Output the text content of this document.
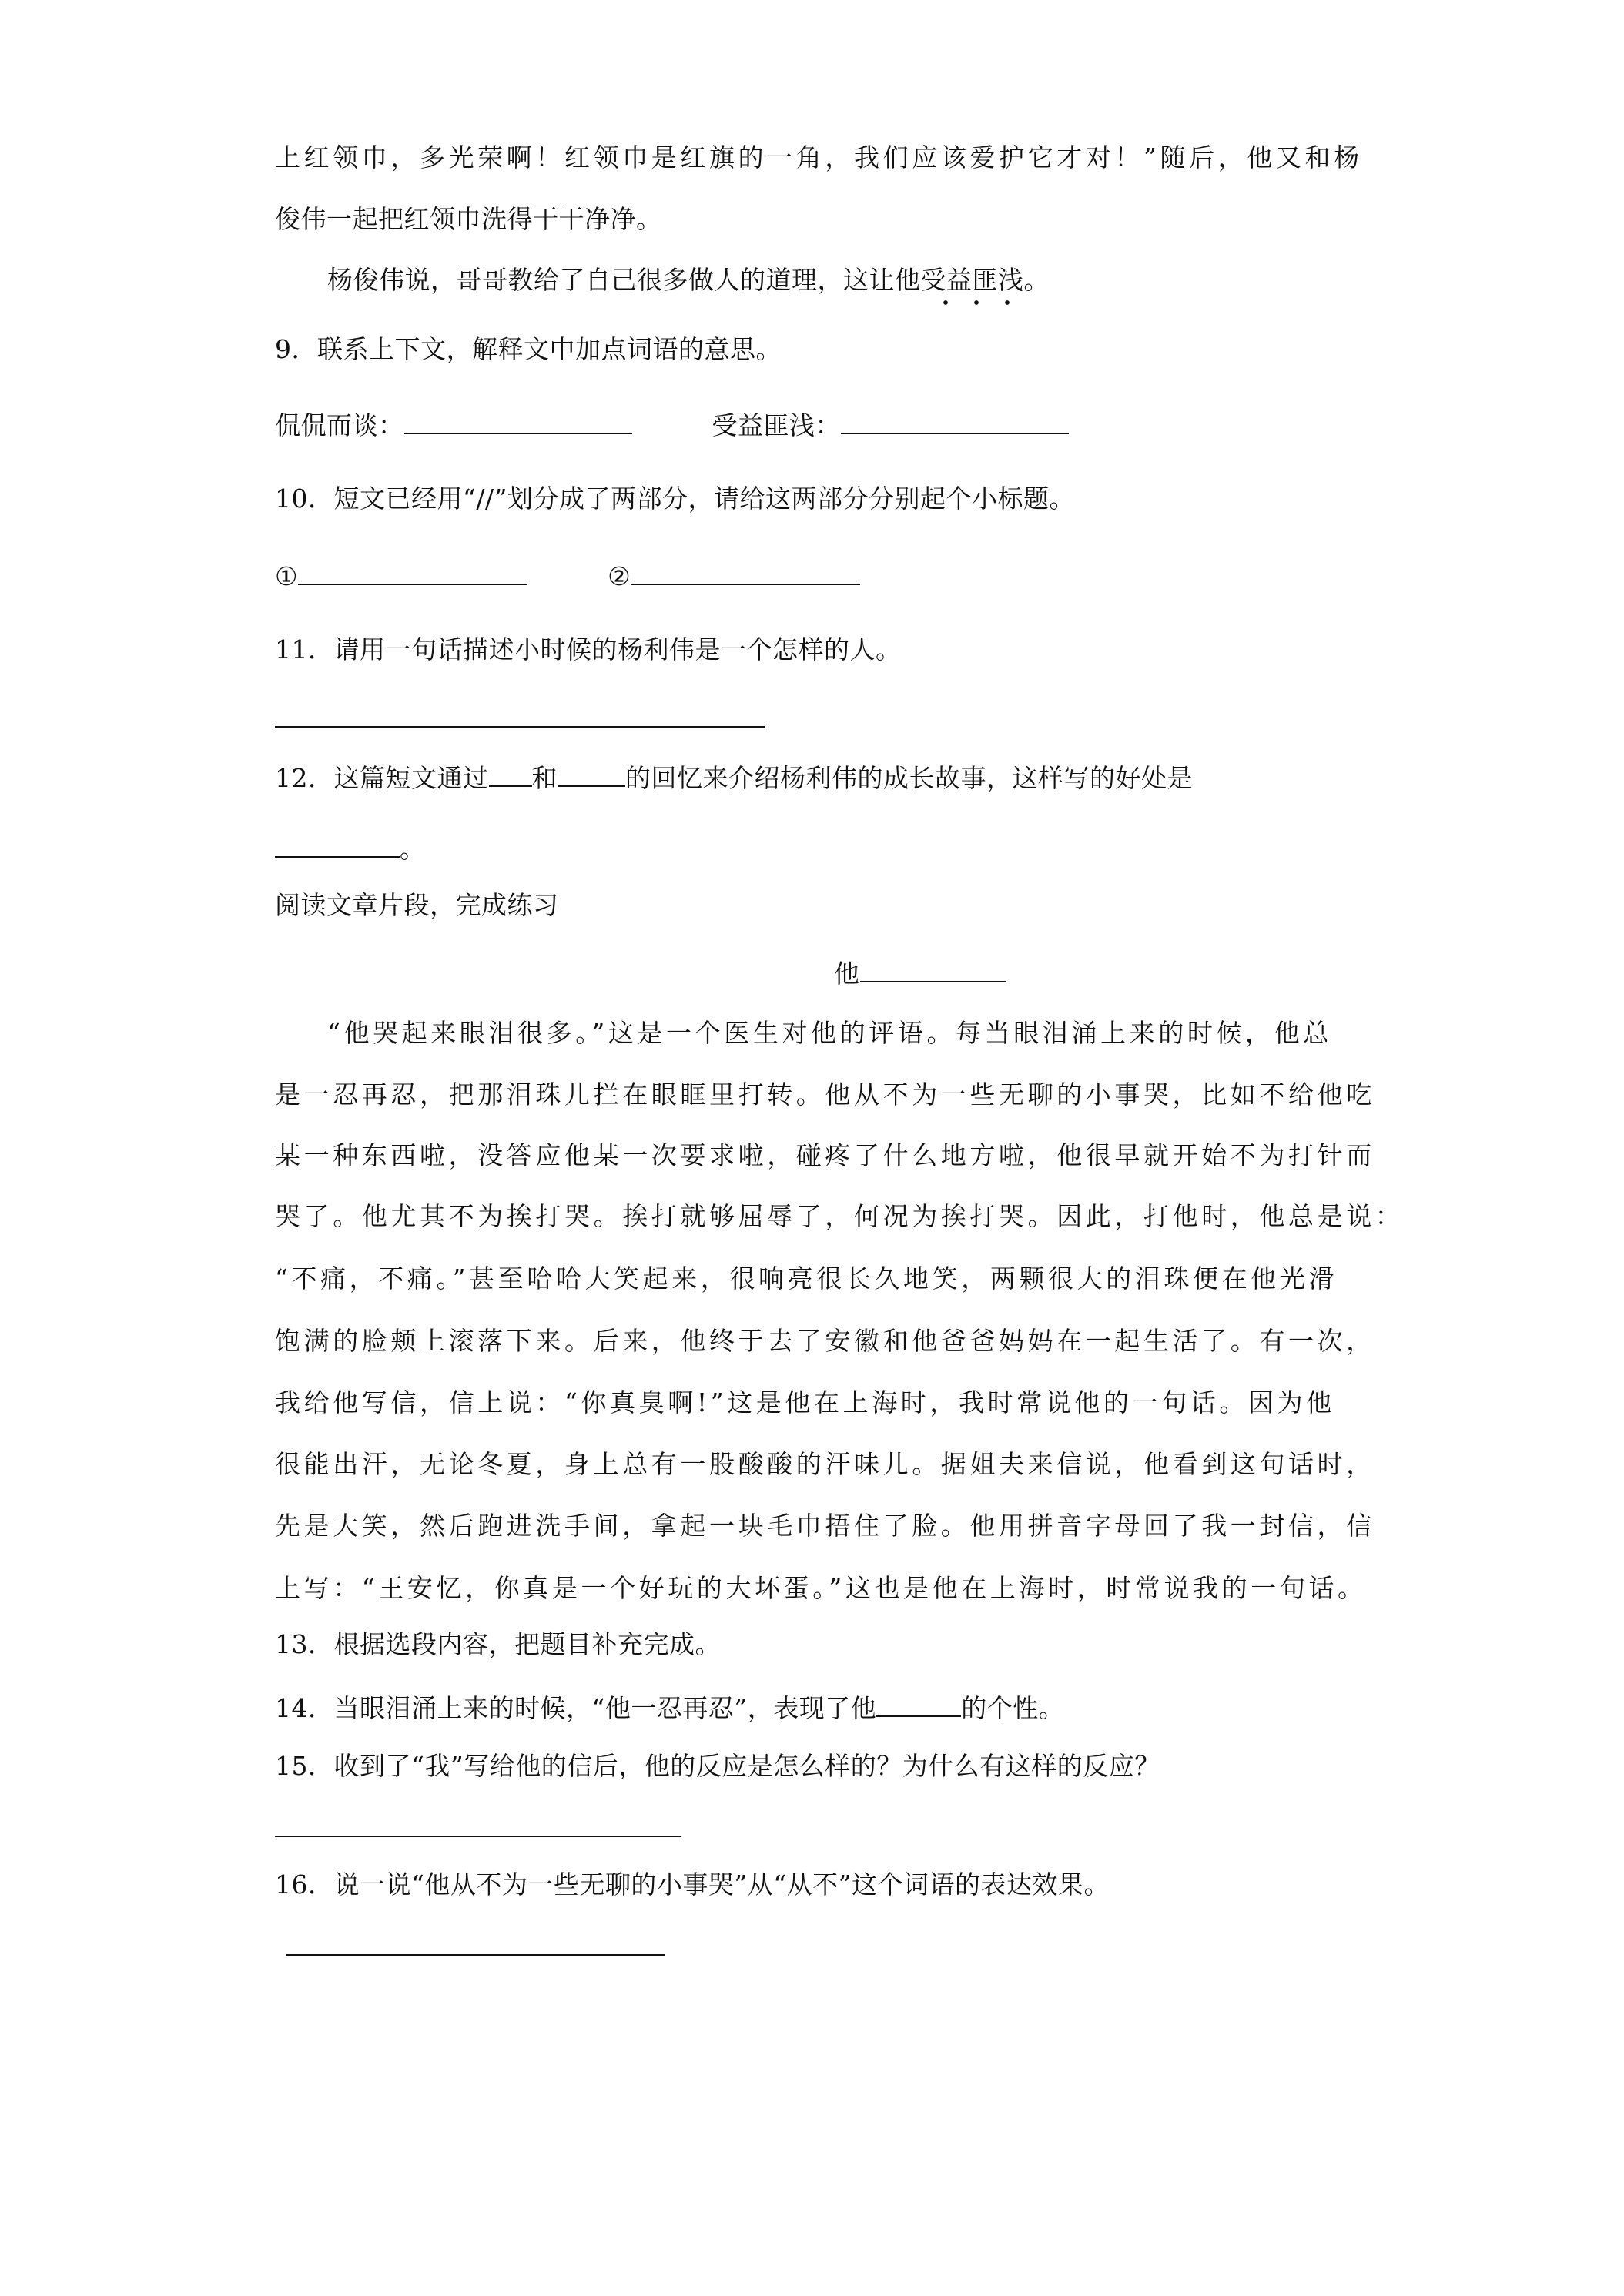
上红领巾，多光荣啊！红领巾是红旗的一角，我们应该爱护它才对！”随后，他又和杨
俊伟一起把红领巾洗得干干净净。
杨俊伟说，哥哥教给了自己很多做人的道理，这让他受益匪浅。
9．联系上下文，解释文中加点词语的意思。
侃侃而谈：	受益匪浅：
10．短文已经用“//”划分成了两部分，请给这两部分分别起个小标题。
①	②
11．请用一句话描述小时候的杨利伟是一个怎样的人。
12．这篇短文通过 和	的回忆来介绍杨利伟的成长故事，这样写的好处是
。
阅读文章片段，完成练习
他
“他哭起来眼泪很多。”这是一个医生对他的评语。每当眼泪涌上来的时候，他总
是一忍再忍，把那泪珠儿拦在眼眶里打转。他从不为一些无聊的小事哭，比如不给他吃
某一种东西啦，没答应他某一次要求啦，碰疼了什么地方啦，他很早就开始不为打针而
哭了。他尤其不为挨打哭。挨打就够屈辱了，何况为挨打哭。因此，打他时，他总是说：
“不痛，不痛。”甚至哈哈大笑起来，很响亮很长久地笑，两颗很大的泪珠便在他光滑
饱满的脸颊上滚落下来。后来，他终于去了安徽和他爸爸妈妈在一起生活了。有一次，
我给他写信，信上说：“你真臭啊!”这是他在上海时，我时常说他的一句话。因为他
很能出汗，无论冬夏，身上总有一股酸酸的汗味儿。据姐夫来信说，他看到这句话时，
先是大笑，然后跑进洗手间，拿起一块毛巾捂住了脸。他用拼音字母回了我一封信，信
上写：“王安忆，你真是一个好玩的大坏蛋。”这也是他在上海时，时常说我的一句话。
13．根据选段内容，把题目补充完成。
14．当眼泪涌上来的时候，“他一忍再忍”，表现了他	的个性。
15．收到了“我”写给他的信后，他的反应是怎么样的？为什么有这样的反应？
16．说一说“他从不为一些无聊的小事哭”从“从不”这个词语的表达效果。
